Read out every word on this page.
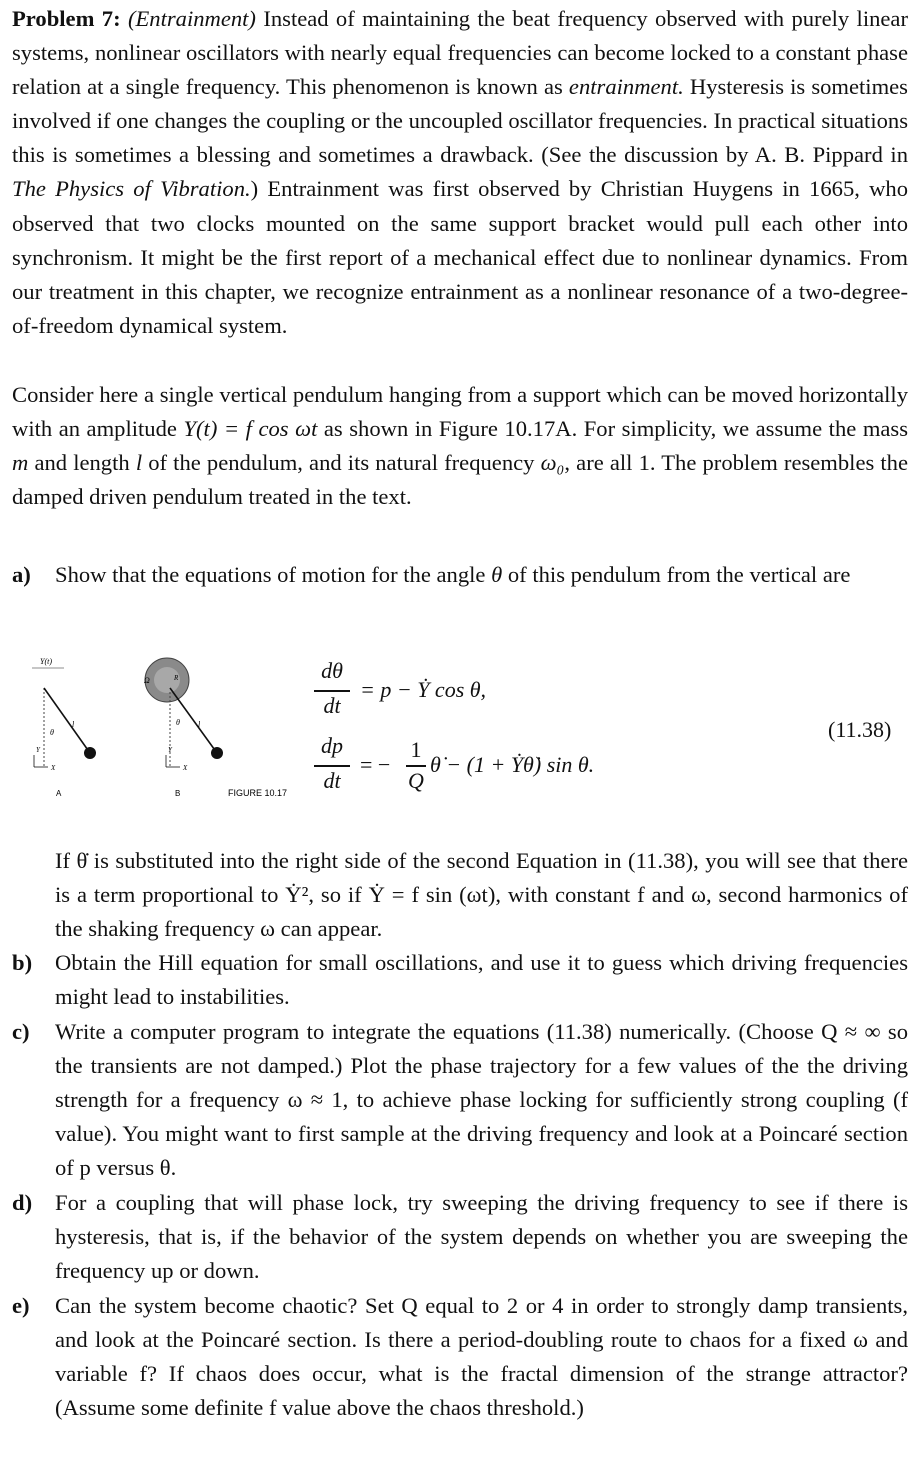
Problem 7: (Entrainment) Instead of maintaining the beat frequency observed with purely linear systems, nonlinear oscillators with nearly equal frequencies can become locked to a constant phase relation at a single frequency. This phenomenon is known as entrainment. Hysteresis is sometimes involved if one changes the coupling or the uncoupled oscillator frequencies. In practical situations this is sometimes a blessing and sometimes a drawback. (See the discussion by A. B. Pippard in The Physics of Vibration.) Entrainment was first observed by Christian Huygens in 1665, who observed that two clocks mounted on the same support bracket would pull each other into synchronism. It might be the first report of a mechanical effect due to nonlinear dynamics. From our treatment in this chapter, we recognize entrainment as a nonlinear resonance of a two-degree-of-freedom dynamical system.

Consider here a single vertical pendulum hanging from a support which can be moved horizontally with an amplitude Y(t) = f cos ωt as shown in Figure 10.17A. For simplicity, we assume the mass m and length l of the pendulum, and its natural frequency ω₀, are all 1. The problem resembles the damped driven pendulum treated in the text.

a) Show that the equations of motion for the angle θ of this pendulum from the vertical are
Y(t)
θ
l
Y
X
A
Ω	R
θ l
Y
X
B	FIGURE 10.17
dθ
dt
= p − Ẏ cos θ,
dp
dt
= −
1
Q
θ̇ − (1 + Ẏθ̇) sin θ.
(11.38)

If θ̇ is substituted into the right side of the second Equation in (11.38), you will see that there is a term proportional to Ẏ², so if Ẏ = f sin (ωt), with constant f and ω, second harmonics of the shaking frequency ω can appear.

b) Obtain the Hill equation for small oscillations, and use it to guess which driving frequencies might lead to instabilities.
c) Write a computer program to integrate the equations (11.38) numerically. (Choose Q ≈ ∞ so the transients are not damped.) Plot the phase trajectory for a few values of the the driving strength for a frequency ω ≈ 1, to achieve phase locking for sufficiently strong coupling (f value). You might want to first sample at the driving frequency and look at a Poincaré section of p versus θ.
d) For a coupling that will phase lock, try sweeping the driving frequency to see if there is hysteresis, that is, if the behavior of the system depends on whether you are sweeping the frequency up or down.
e) Can the system become chaotic? Set Q equal to 2 or 4 in order to strongly damp transients, and look at the Poincaré section. Is there a period-doubling route to chaos for a fixed ω and variable f? If chaos does occur, what is the fractal dimension of the strange attractor? (Assume some definite f value above the chaos threshold.)
